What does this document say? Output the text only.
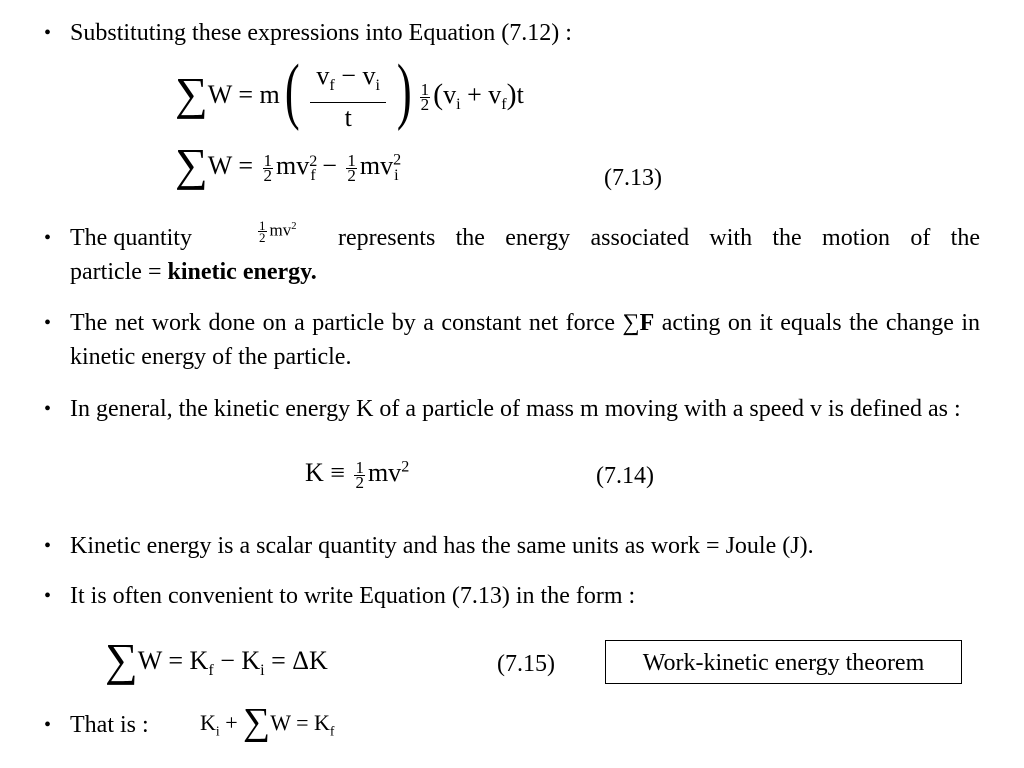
• Substituting these expressions into Equation (7.12) :
$\sum W = m( \frac{v_f - v_i}{t}$ ) $\frac{1}{2} (v_i + v_f)t$
$\sum W = \frac{1}{2} mv_{2f} - \frac{1}{2} mv^2_i$	(7.13)
• The quantity	$\frac{1}{2} mv^2$ represents the energy associated with the motion of the
particle = kinetic energy.
• The net work done on a particle by a constant net force ∑F acting on it equals the change in kinetic energy of the particle.
• In general, the kinetic energy K of a particle of mass m moving with a speed v is defined as :
$K \equiv \frac{1}{2} mv^2$	(7.14)
• Kinetic energy is a scalar quantity and has the same units as work = Joule (J).
• It is often convenient to write Equation (7.13) in the form :
$\sum W = K_f - K_i = \Delta K$	(7.15)	Work-kinetic energy theorem
• That is : $K_i + \sum W = K_f$
